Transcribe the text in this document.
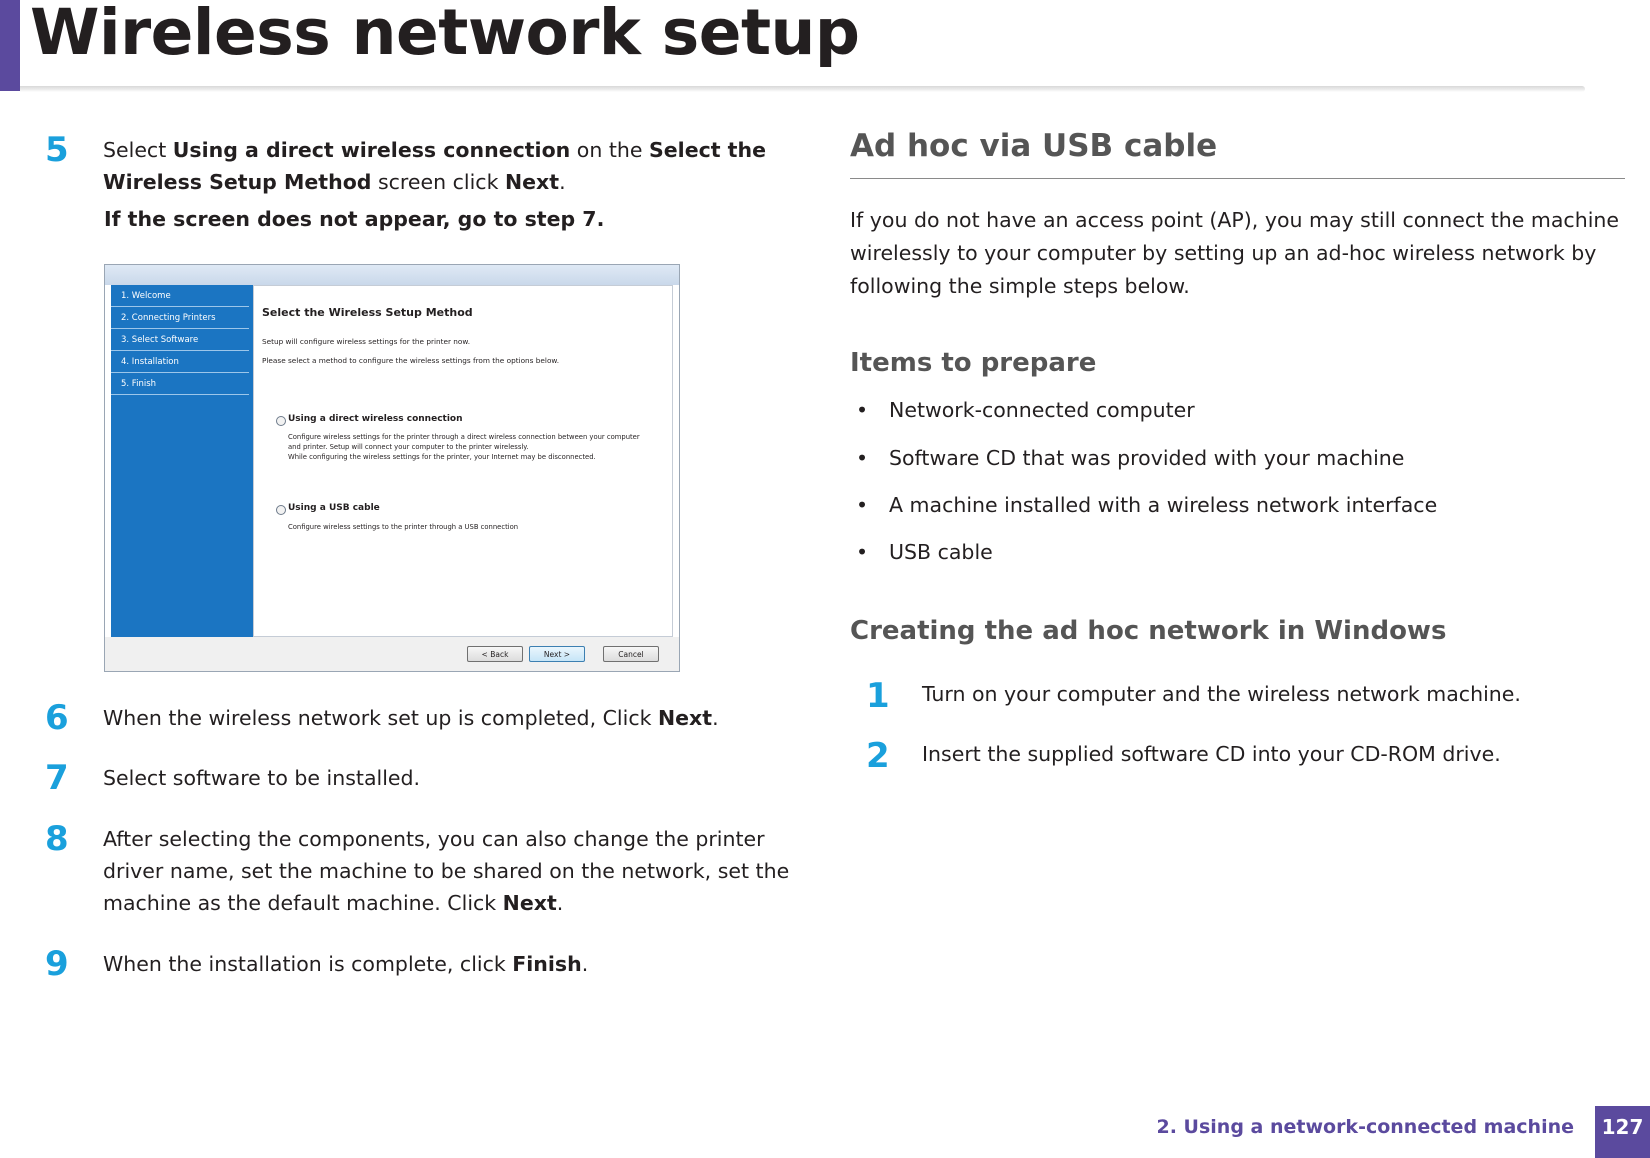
Wireless network setup
5	Select Using a direct wireless connection on the Select the Wireless Setup Method screen click Next.
If the screen does not appear, go to step 7.
1. Welcome
2. Connecting Printers
3. Select Software
4. Installation
5. Finish
Select the Wireless Setup Method
Setup will configure wireless settings for the printer now.
Please select a method to configure the wireless settings from the options below.
Using a direct wireless connection
Configure wireless settings for the printer through a direct wireless connection between your computer
and printer. Setup will connect your computer to the printer wirelessly.
While configuring the wireless settings for the printer, your Internet may be disconnected.
Using a USB cable
Configure wireless settings to the printer through a USB connection
< Back	Next >	Cancel
6	When the wireless network set up is completed, Click Next.
7	Select software to be installed.
8	After selecting the components, you can also change the printer driver name, set the machine to be shared on the network, set the machine as the default machine. Click Next.
9	When the installation is complete, click Finish.
Ad hoc via USB cable

If you do not have an access point (AP), you may still connect the machine wirelessly to your computer by setting up an ad-hoc wireless network by following the simple steps below.

Items to prepare
• Network-connected computer
• Software CD that was provided with your machine
• A machine installed with a wireless network interface
• USB cable
Creating the ad hoc network in Windows
1 Turn on your computer and the wireless network machine.
2 Insert the supplied software CD into your CD-ROM drive.
2. Using a network-connected machine	127
